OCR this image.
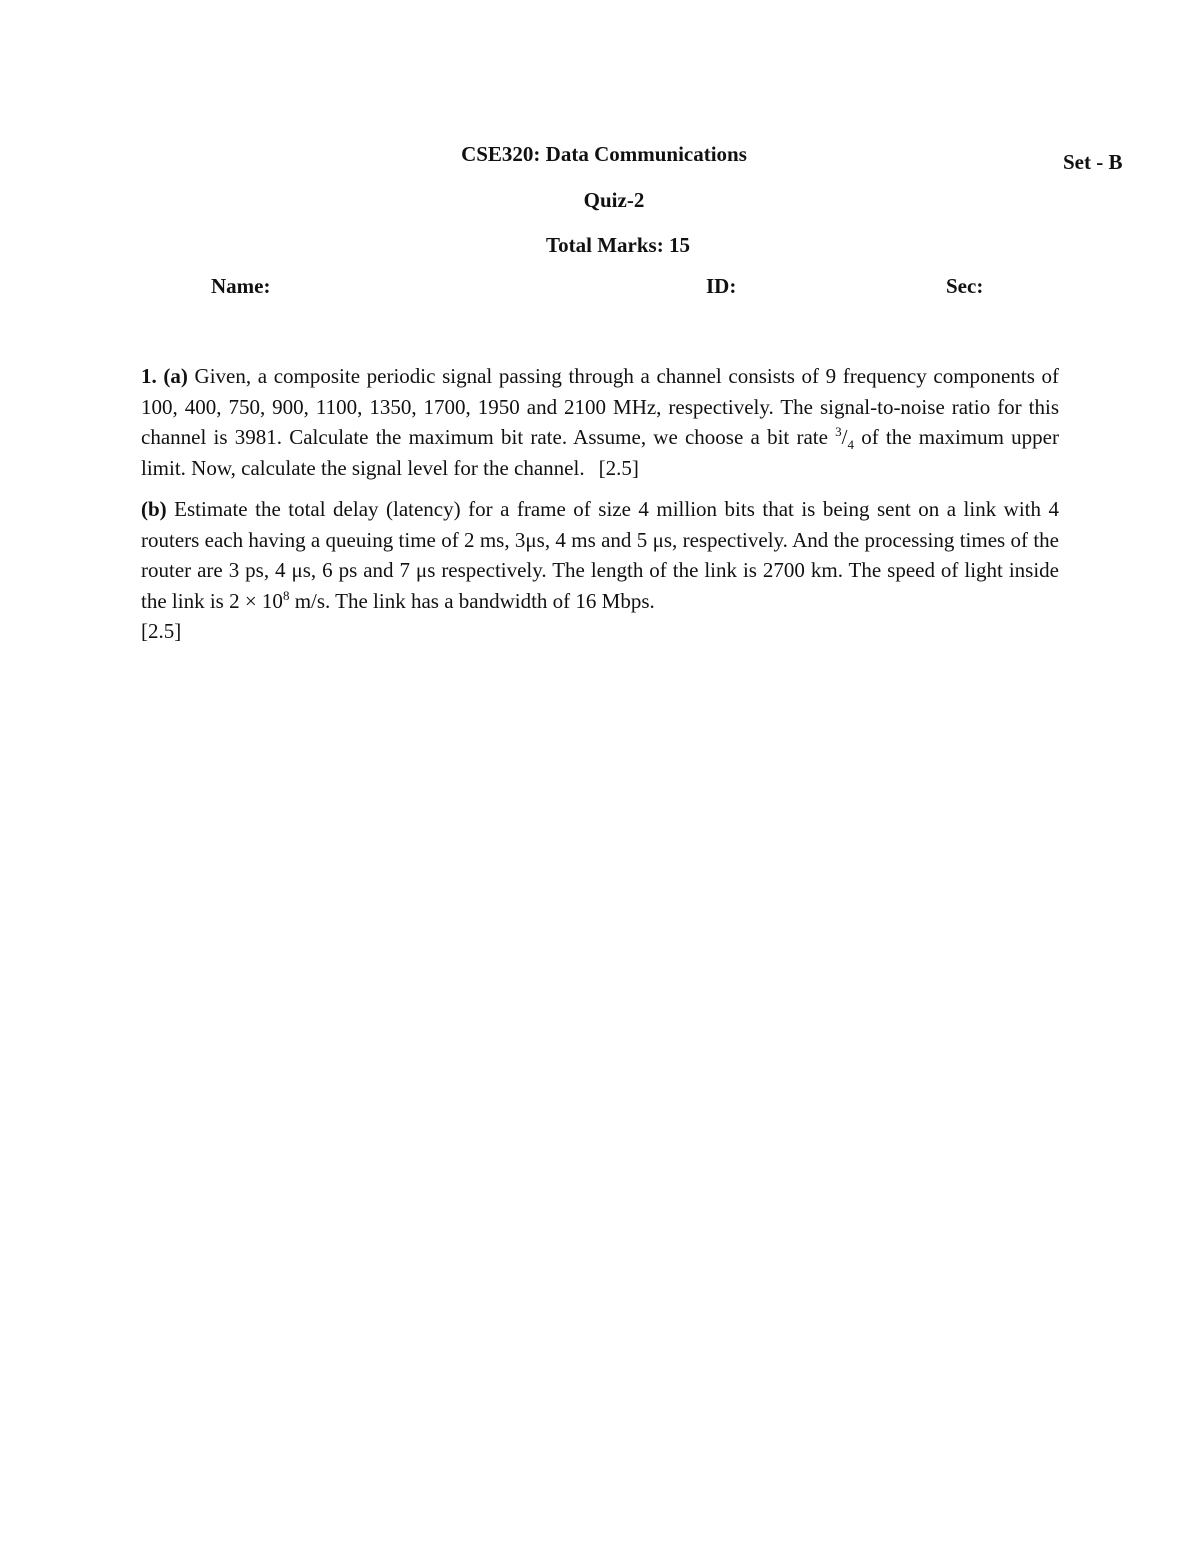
CSE320: Data Communications	Set - B
Quiz-2
Total Marks: 15
Name:	ID:	Sec:
1. (a) Given, a composite periodic signal passing through a channel consists of 9 frequency components of 100, 400, 750, 900, 1100, 1350, 1700, 1950 and 2100 MHz, respectively. The signal-to-noise ratio for this channel is 3981. Calculate the maximum bit rate. Assume, we choose a bit rate $^3/_4$ of the maximum upper limit. Now, calculate the signal level for the channel. [2.5]
(b) Estimate the total delay (latency) for a frame of size 4 million bits that is being sent on a link with 4 routers each having a queuing time of 2 ms, 3μs, 4 ms and 5 μs, respectively. And the processing times of the router are 3 ps, 4 μs, 6 ps and 7 μs respectively. The length of the link is 2700 km. The speed of light inside the link is $2 \times 10^8$ m/s. The link has a bandwidth of 16 Mbps.
[2.5]
